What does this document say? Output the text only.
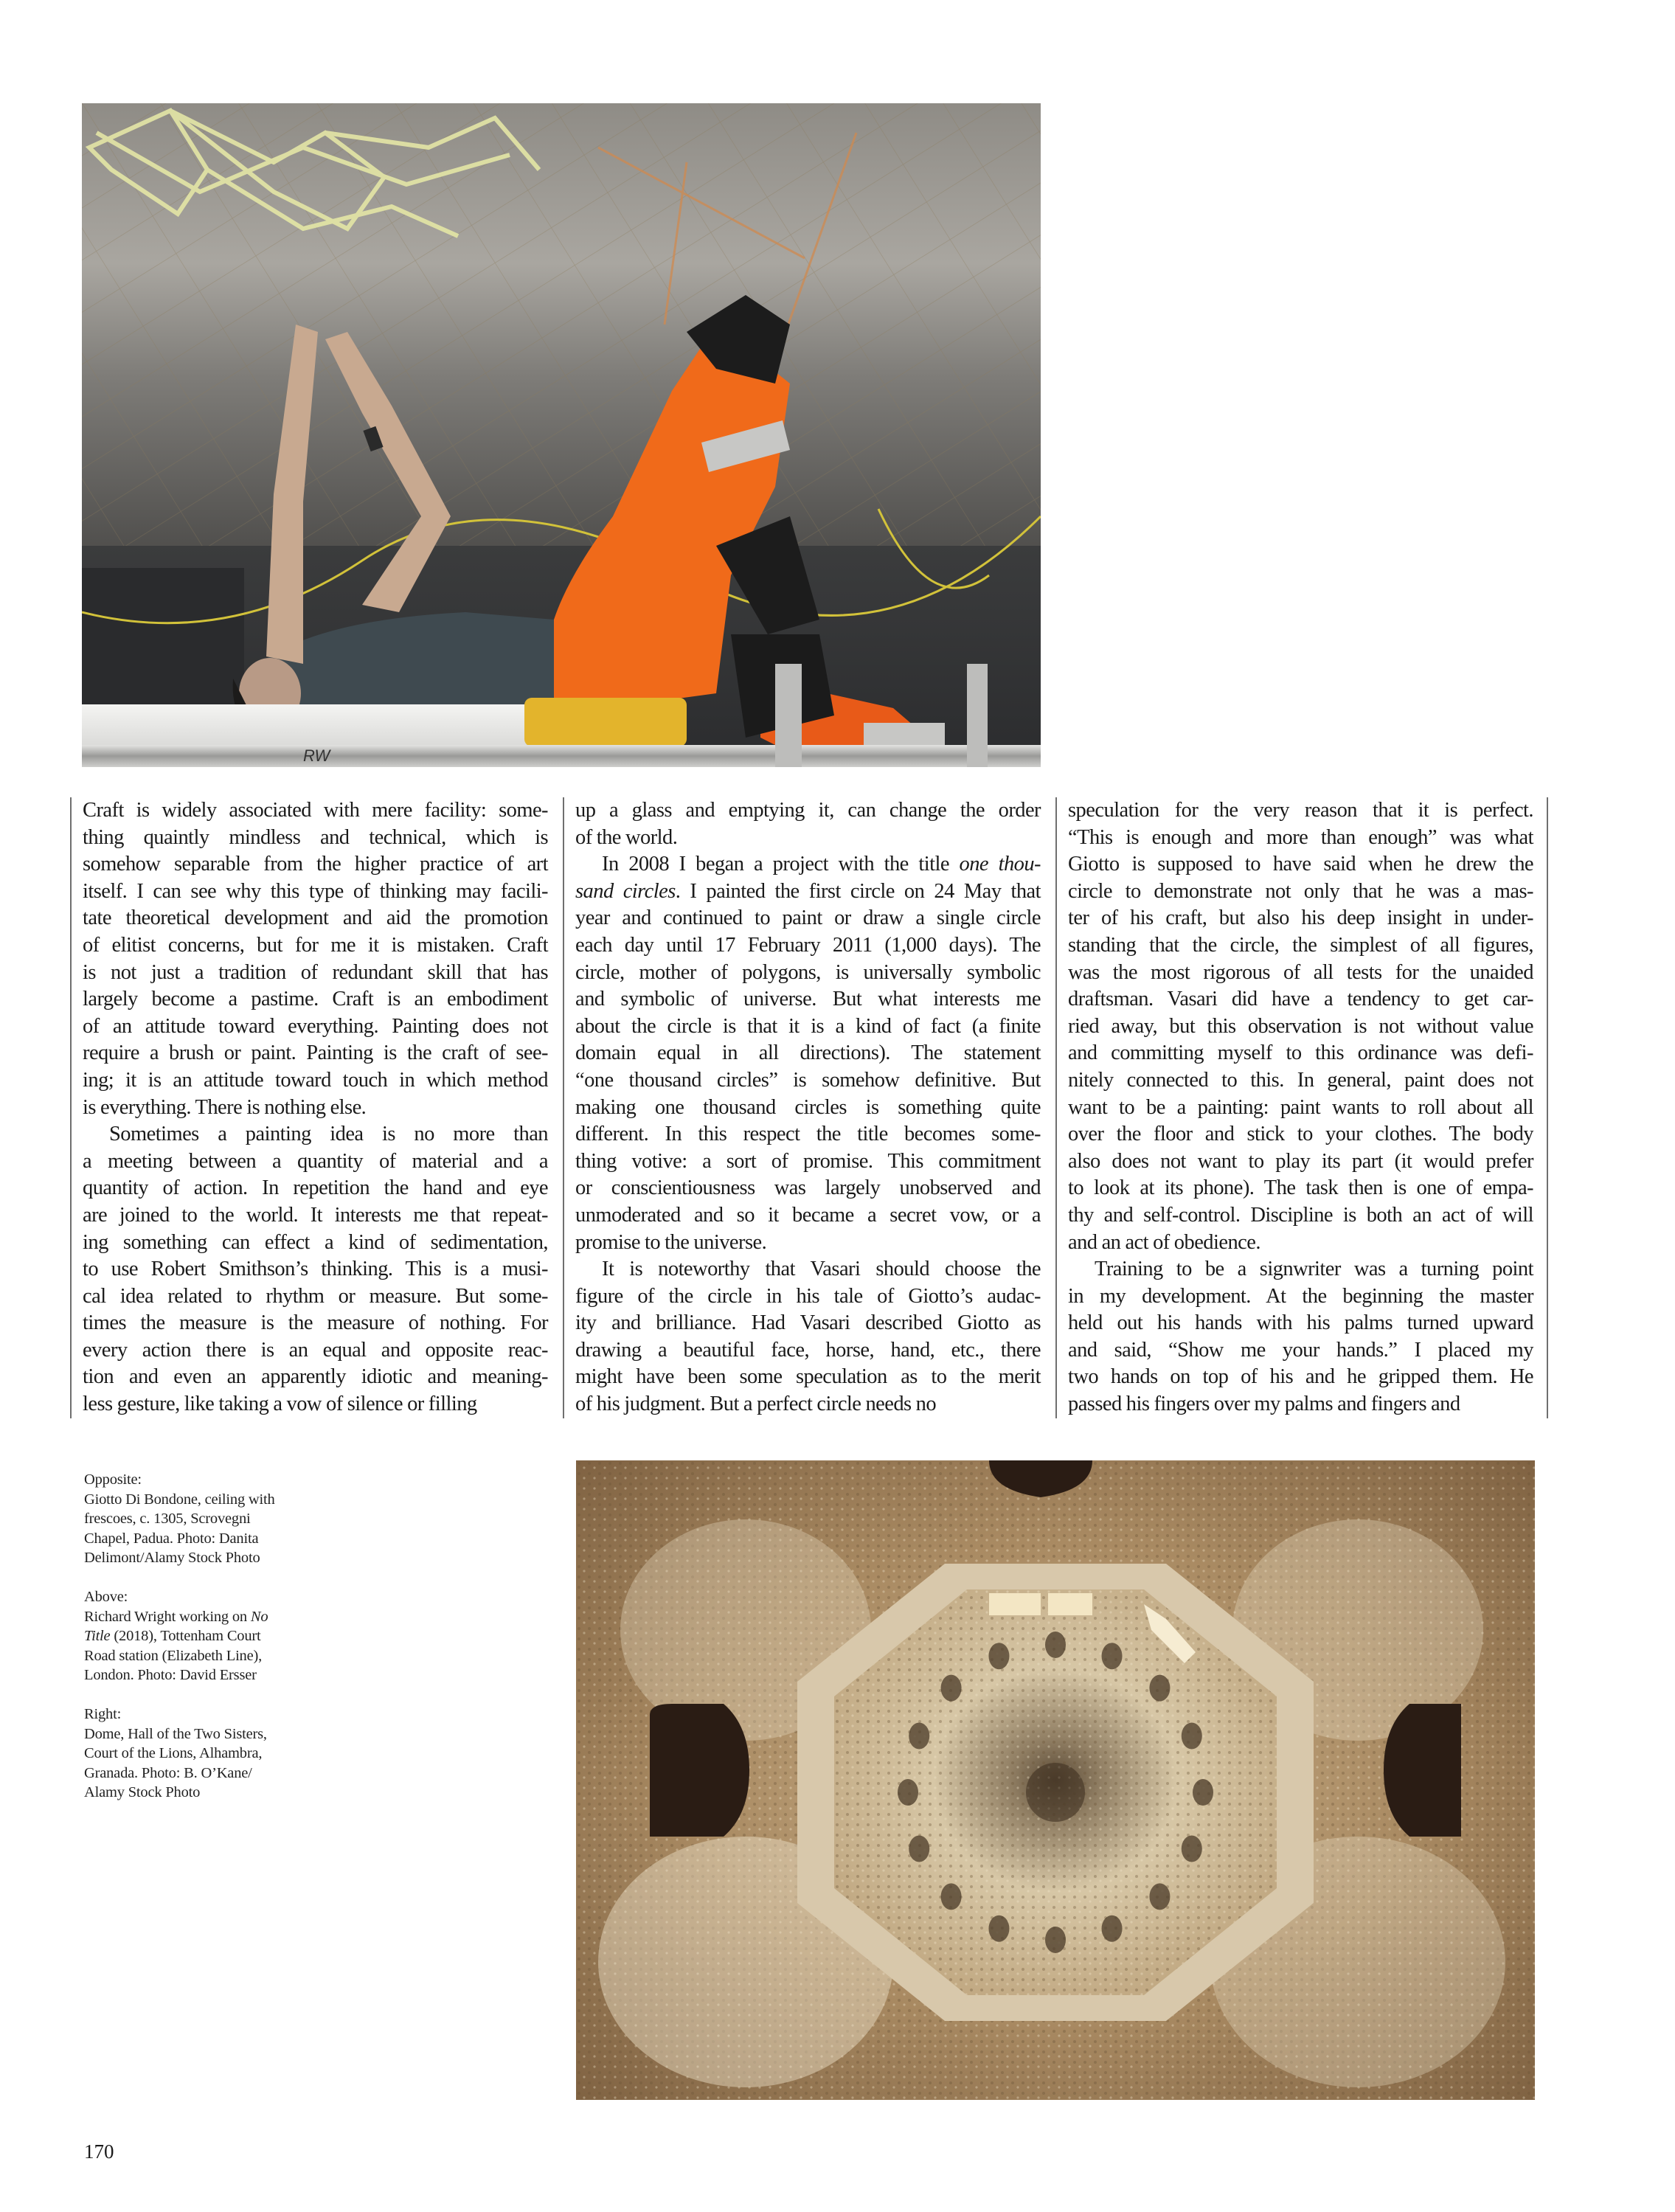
RW
Craft is widely associated with mere facility: some-
thing quaintly mindless and technical, which is
somehow separable from the higher practice of art
itself. I can see why this type of thinking may facili-
tate theoretical development and aid the promotion
of elitist concerns, but for me it is mistaken. Craft
is not just a tradition of redundant skill that has
largely become a pastime. Craft is an embodiment
of an attitude toward everything. Painting does not
require a brush or paint. Painting is the craft of see-
ing; it is an attitude toward touch in which method
is everything. There is nothing else.
Sometimes a painting idea is no more than
a meeting between a quantity of material and a
quantity of action. In repetition the hand and eye
are joined to the world. It interests me that repeat-
ing something can effect a kind of sedimentation,
to use Robert Smithson’s thinking. This is a musi-
cal idea related to rhythm or measure. But some-
times the measure is the measure of nothing. For
every action there is an equal and opposite reac-
tion and even an apparently idiotic and meaning-
less gesture, like taking a vow of silence or filling
up a glass and emptying it, can change the order
of the world.
In 2008 I began a project with the title one thou-
sand circles. I painted the first circle on 24 May that
year and continued to paint or draw a single circle
each day until 17 February 2011 (1,000 days). The
circle, mother of polygons, is universally symbolic
and symbolic of universe. But what interests me
about the circle is that it is a kind of fact (a finite
domain equal in all directions). The statement
“one thousand circles” is somehow definitive. But
making one thousand circles is something quite
different. In this respect the title becomes some-
thing votive: a sort of promise. This commitment
or conscientiousness was largely unobserved and
unmoderated and so it became a secret vow, or a
promise to the universe.
It is noteworthy that Vasari should choose the
figure of the circle in his tale of Giotto’s audac-
ity and brilliance. Had Vasari described Giotto as
drawing a beautiful face, horse, hand, etc., there
might have been some speculation as to the merit
of his judgment. But a perfect circle needs no
speculation for the very reason that it is perfect.
“This is enough and more than enough” was what
Giotto is supposed to have said when he drew the
circle to demonstrate not only that he was a mas-
ter of his craft, but also his deep insight in under-
standing that the circle, the simplest of all figures,
was the most rigorous of all tests for the unaided
draftsman. Vasari did have a tendency to get car-
ried away, but this observation is not without value
and committing myself to this ordinance was defi-
nitely connected to this. In general, paint does not
want to be a painting: paint wants to roll about all
over the floor and stick to your clothes. The body
also does not want to play its part (it would prefer
to look at its phone). The task then is one of empa-
thy and self-control. Discipline is both an act of will
and an act of obedience.
Training to be a signwriter was a turning point
in my development. At the beginning the master
held out his hands with his palms turned upward
and said, “Show me your hands.” I placed my
two hands on top of his and he gripped them. He
passed his fingers over my palms and fingers and
Opposite:
Giotto Di Bondone, ceiling with
frescoes, c. 1305, Scrovegni
Chapel, Padua. Photo: Danita
Delimont/Alamy Stock Photo
Above:
Richard Wright working on No
Title (2018), Tottenham Court
Road station (Elizabeth Line),
London. Photo: David Ersser
Right:
Dome, Hall of the Two Sisters,
Court of the Lions, Alhambra,
Granada. Photo: B. O’Kane/
Alamy Stock Photo
170
